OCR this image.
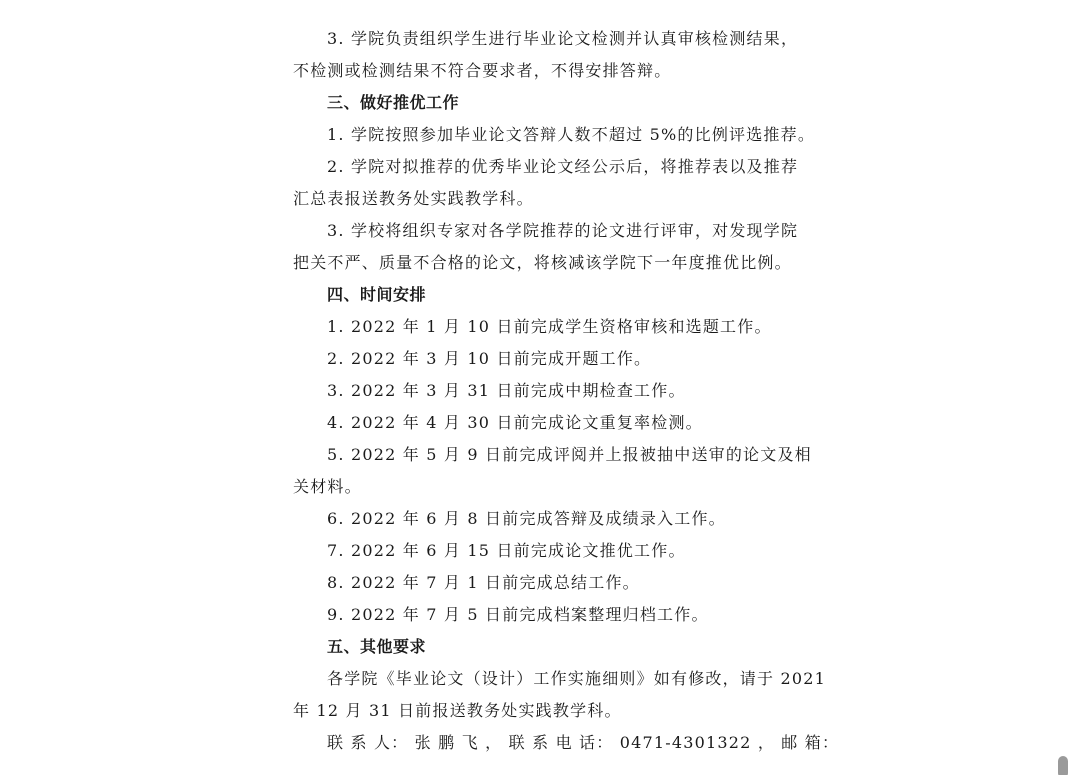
3. 学院负责组织学生进行毕业论文检测并认真审核检测结果，
不检测或检测结果不符合要求者，不得安排答辩。
三、做好推优工作
1. 学院按照参加毕业论文答辩人数不超过 5%的比例评选推荐。
2. 学院对拟推荐的优秀毕业论文经公示后，将推荐表以及推荐
汇总表报送教务处实践教学科。
3. 学校将组织专家对各学院推荐的论文进行评审，对发现学院
把关不严、质量不合格的论文，将核减该学院下一年度推优比例。
四、时间安排
1. 2022 年 1 月 10 日前完成学生资格审核和选题工作。
2. 2022 年 3 月 10 日前完成开题工作。
3. 2022 年 3 月 31 日前完成中期检查工作。
4. 2022 年 4 月 30 日前完成论文重复率检测。
5. 2022 年 5 月 9 日前完成评阅并上报被抽中送审的论文及相
关材料。
6. 2022 年 6 月 8 日前完成答辩及成绩录入工作。
7. 2022 年 6 月 15 日前完成论文推优工作。
8. 2022 年 7 月 1 日前完成总结工作。
9. 2022 年 7 月 5 日前完成档案整理归档工作。
五、其他要求
各学院《毕业论文（设计）工作实施细则》如有修改，请于 2021
年 12 月 31 日前报送教务处实践教学科。
联 系 人： 张 鹏 飞 ， 联 系 电 话： 0471-4301322 ， 邮 箱：
